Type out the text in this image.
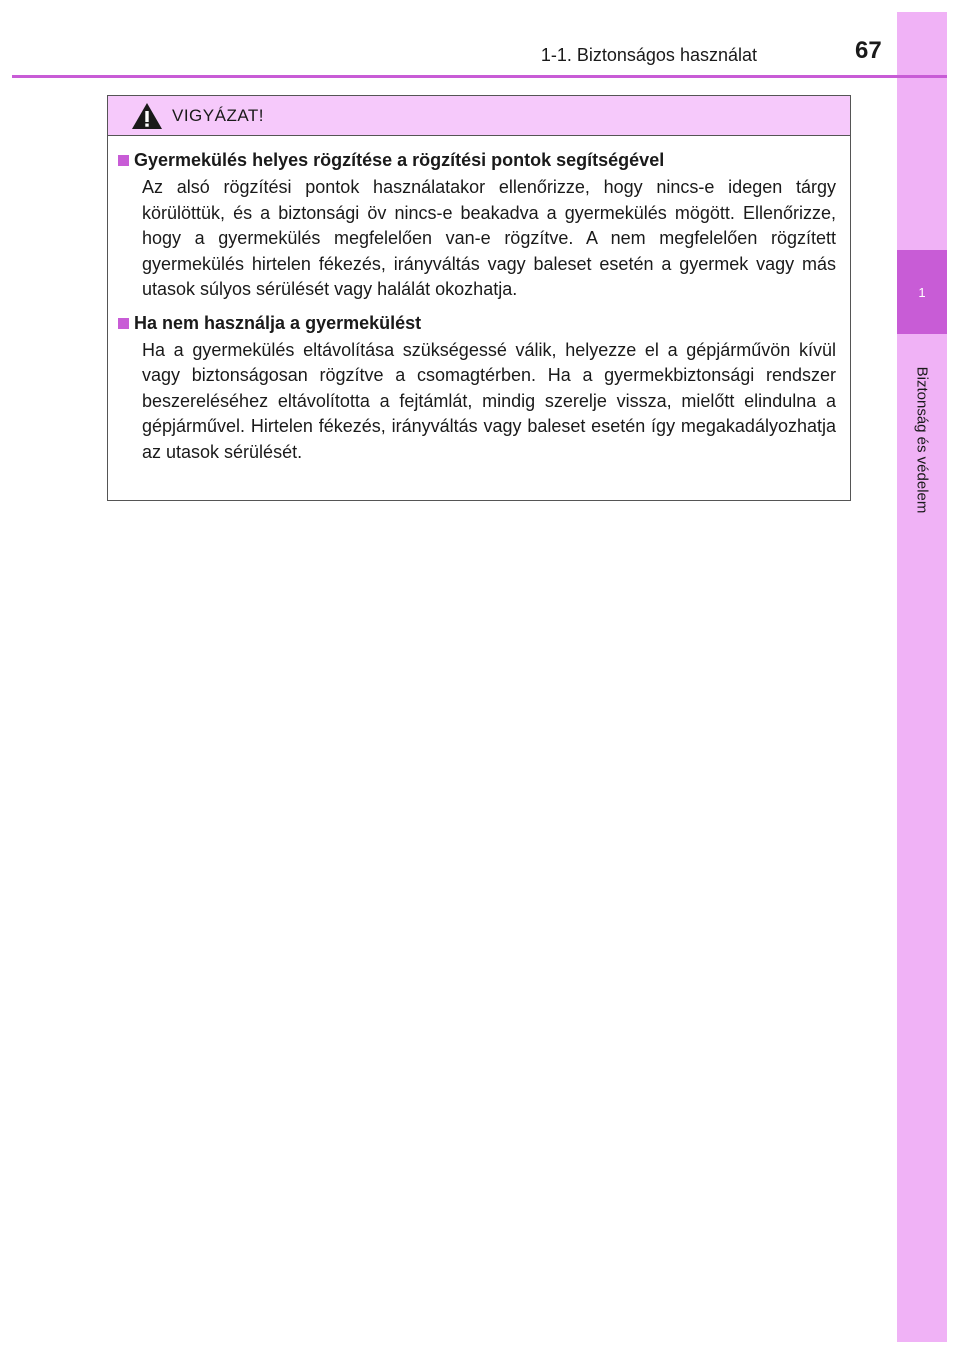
1
Biztonság és védelem
1-1. Biztonságos használat	67
VIGYÁZAT!
Gyermekülés helyes rögzítése a rögzítési pontok segítségével
Az alsó rögzítési pontok használatakor ellenőrizze, hogy nincs-e idegen tárgy körülöttük, és a biztonsági öv nincs-e beakadva a gyermekülés mögött. Ellenőrizze, hogy a gyermekülés megfelelően van-e rögzítve. A nem megfelelően rögzített gyermekülés hirtelen fékezés, irányváltás vagy baleset esetén a gyermek vagy más utasok súlyos sérülését vagy halálát okozhatja.
Ha nem használja a gyermekülést
Ha a gyermekülés eltávolítása szükségessé válik, helyezze el a gépjárművön kívül vagy biztonságosan rögzítve a csomagtérben. Ha a gyermekbiztonsági rendszer beszereléséhez eltávolította a fejtámlát, mindig szerelje vissza, mielőtt elindulna a gépjárművel. Hirtelen fékezés, irányváltás vagy baleset esetén így megakadályozhatja az utasok sérülését.
